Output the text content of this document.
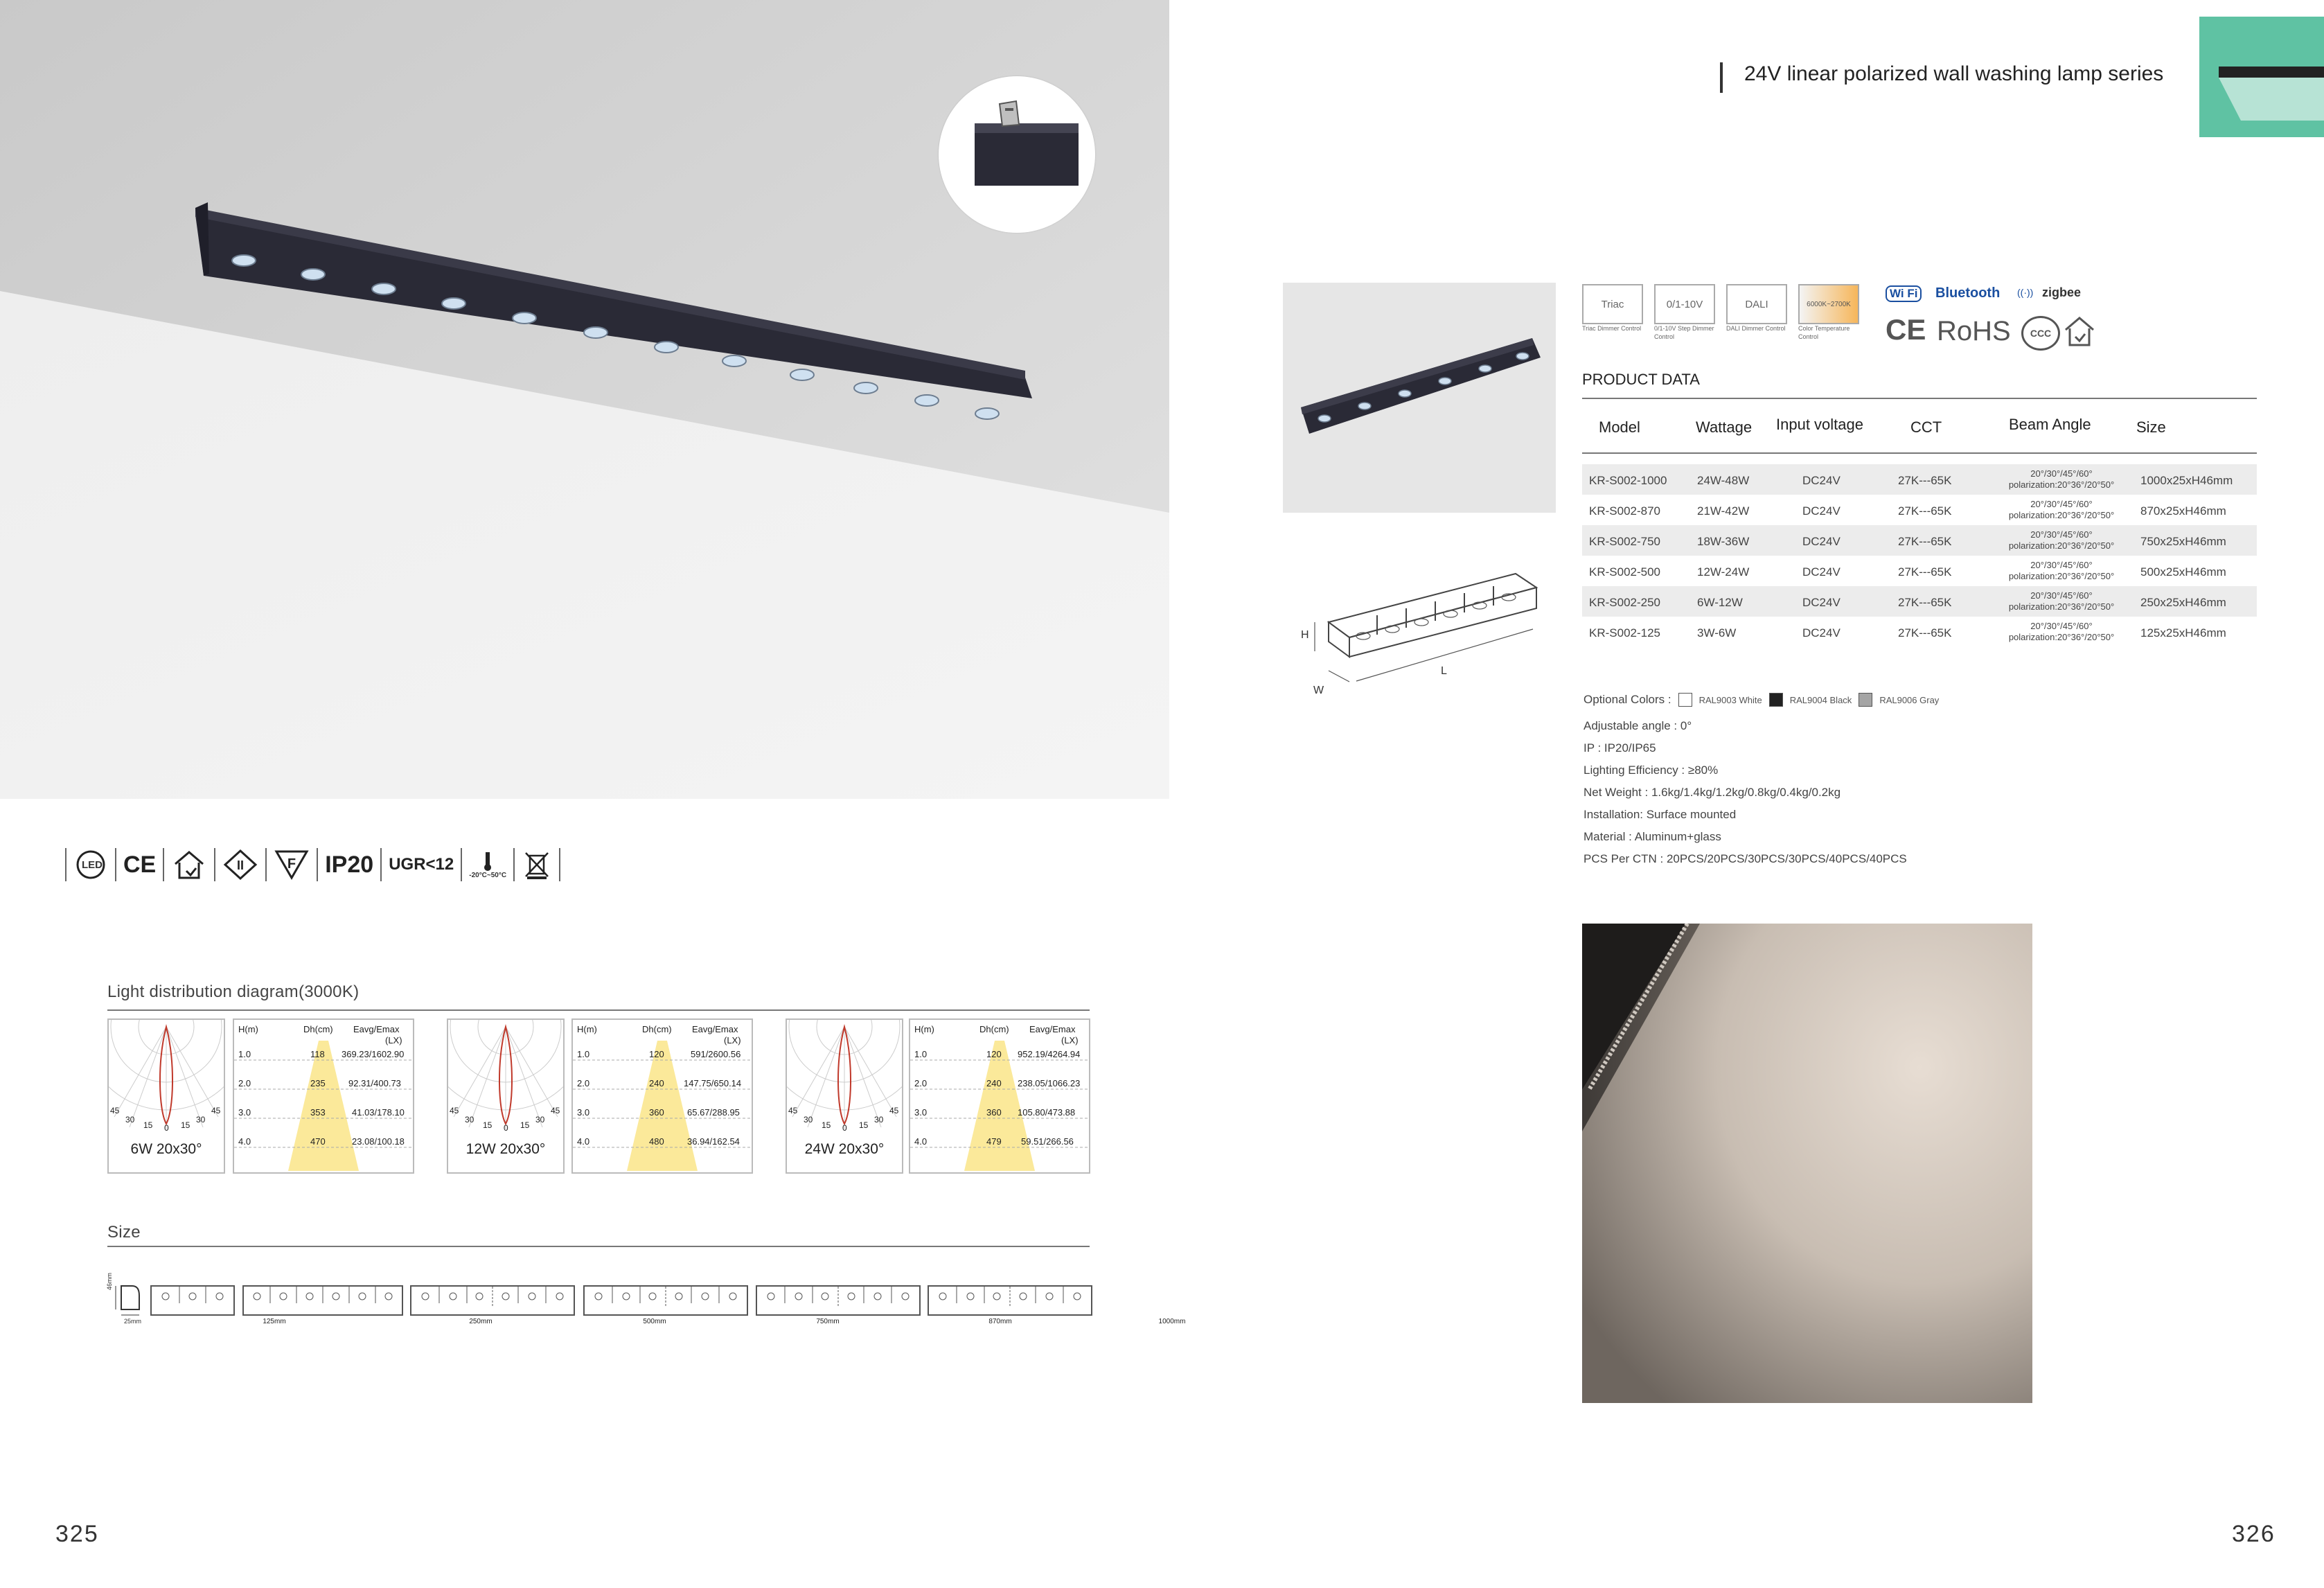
LED CE	II	F IP20 UGR<12
-20°C~50°C
Light distribution diagram(3000K)
45
30
15 0 15
30
45
6W 20x30°
H(m)	Dh(cm) Eavg/Emax
(LX)
1.0	118 369.23/1602.90
2.0	235	92.31/400.73
3.0	353	41.03/178.10
4.0	470	23.08/100.18
45
30
15 0 15
30
45
12W 20x30°
H(m)	Dh(cm) Eavg/Emax
(LX)
1.0	120	591/2600.56
2.0	240 147.75/650.14
3.0	360	65.67/288.95
4.0	480	36.94/162.54
45
30
15 0 15
30
45
24W 20x30°
H(m)	Dh(cm) Eavg/Emax
(LX)
1.0	120 952.19/4264.94
2.0	240 238.05/1066.23
3.0	360 105.80/473.88
4.0	479 59.51/266.56
Size
46mm
25mm	125mm	250mm	500mm	750mm	870mm	1000mm
325
24V linear polarized wall washing lamp series
H
W
L
Triac
Triac Dimmer Control
0/1-10V
0/1-10V Step Dimmer Control
DALI
DALI Dimmer Control
6000K~2700K
Color Temperature Control
Wi Fi	Bluetooth ((·)) zigbee
CE RoHS	CCC
PRODUCT DATA
Model	Wattage Input voltage	CCT	Beam Angle	Size
KR-S002-1000	24W-48W	DC24V	27K---65K
20°/30°/45°/60°
polarization:20°36°/20°50°	1000x25xH46mm
KR-S002-870	21W-42W	DC24V	27K---65K
20°/30°/45°/60°
polarization:20°36°/20°50°	870x25xH46mm
KR-S002-750	18W-36W	DC24V	27K---65K
20°/30°/45°/60°
polarization:20°36°/20°50°	750x25xH46mm
KR-S002-500	12W-24W	DC24V	27K---65K
20°/30°/45°/60°
polarization:20°36°/20°50°	500x25xH46mm
KR-S002-250	6W-12W	DC24V	27K---65K
20°/30°/45°/60°
polarization:20°36°/20°50°	250x25xH46mm
KR-S002-125	3W-6W	DC24V	27K---65K
20°/30°/45°/60°
polarization:20°36°/20°50°	125x25xH46mm
Optional Colors :	RAL9003 White	RAL9004 Black	RAL9006 Gray
Adjustable angle : 0°
IP : IP20/IP65
Lighting Efficiency : ≥80%
Net Weight : 1.6kg/1.4kg/1.2kg/0.8kg/0.4kg/0.2kg
Installation: Surface mounted
Material : Aluminum+glass
PCS Per CTN : 20PCS/20PCS/30PCS/30PCS/40PCS/40PCS
326
